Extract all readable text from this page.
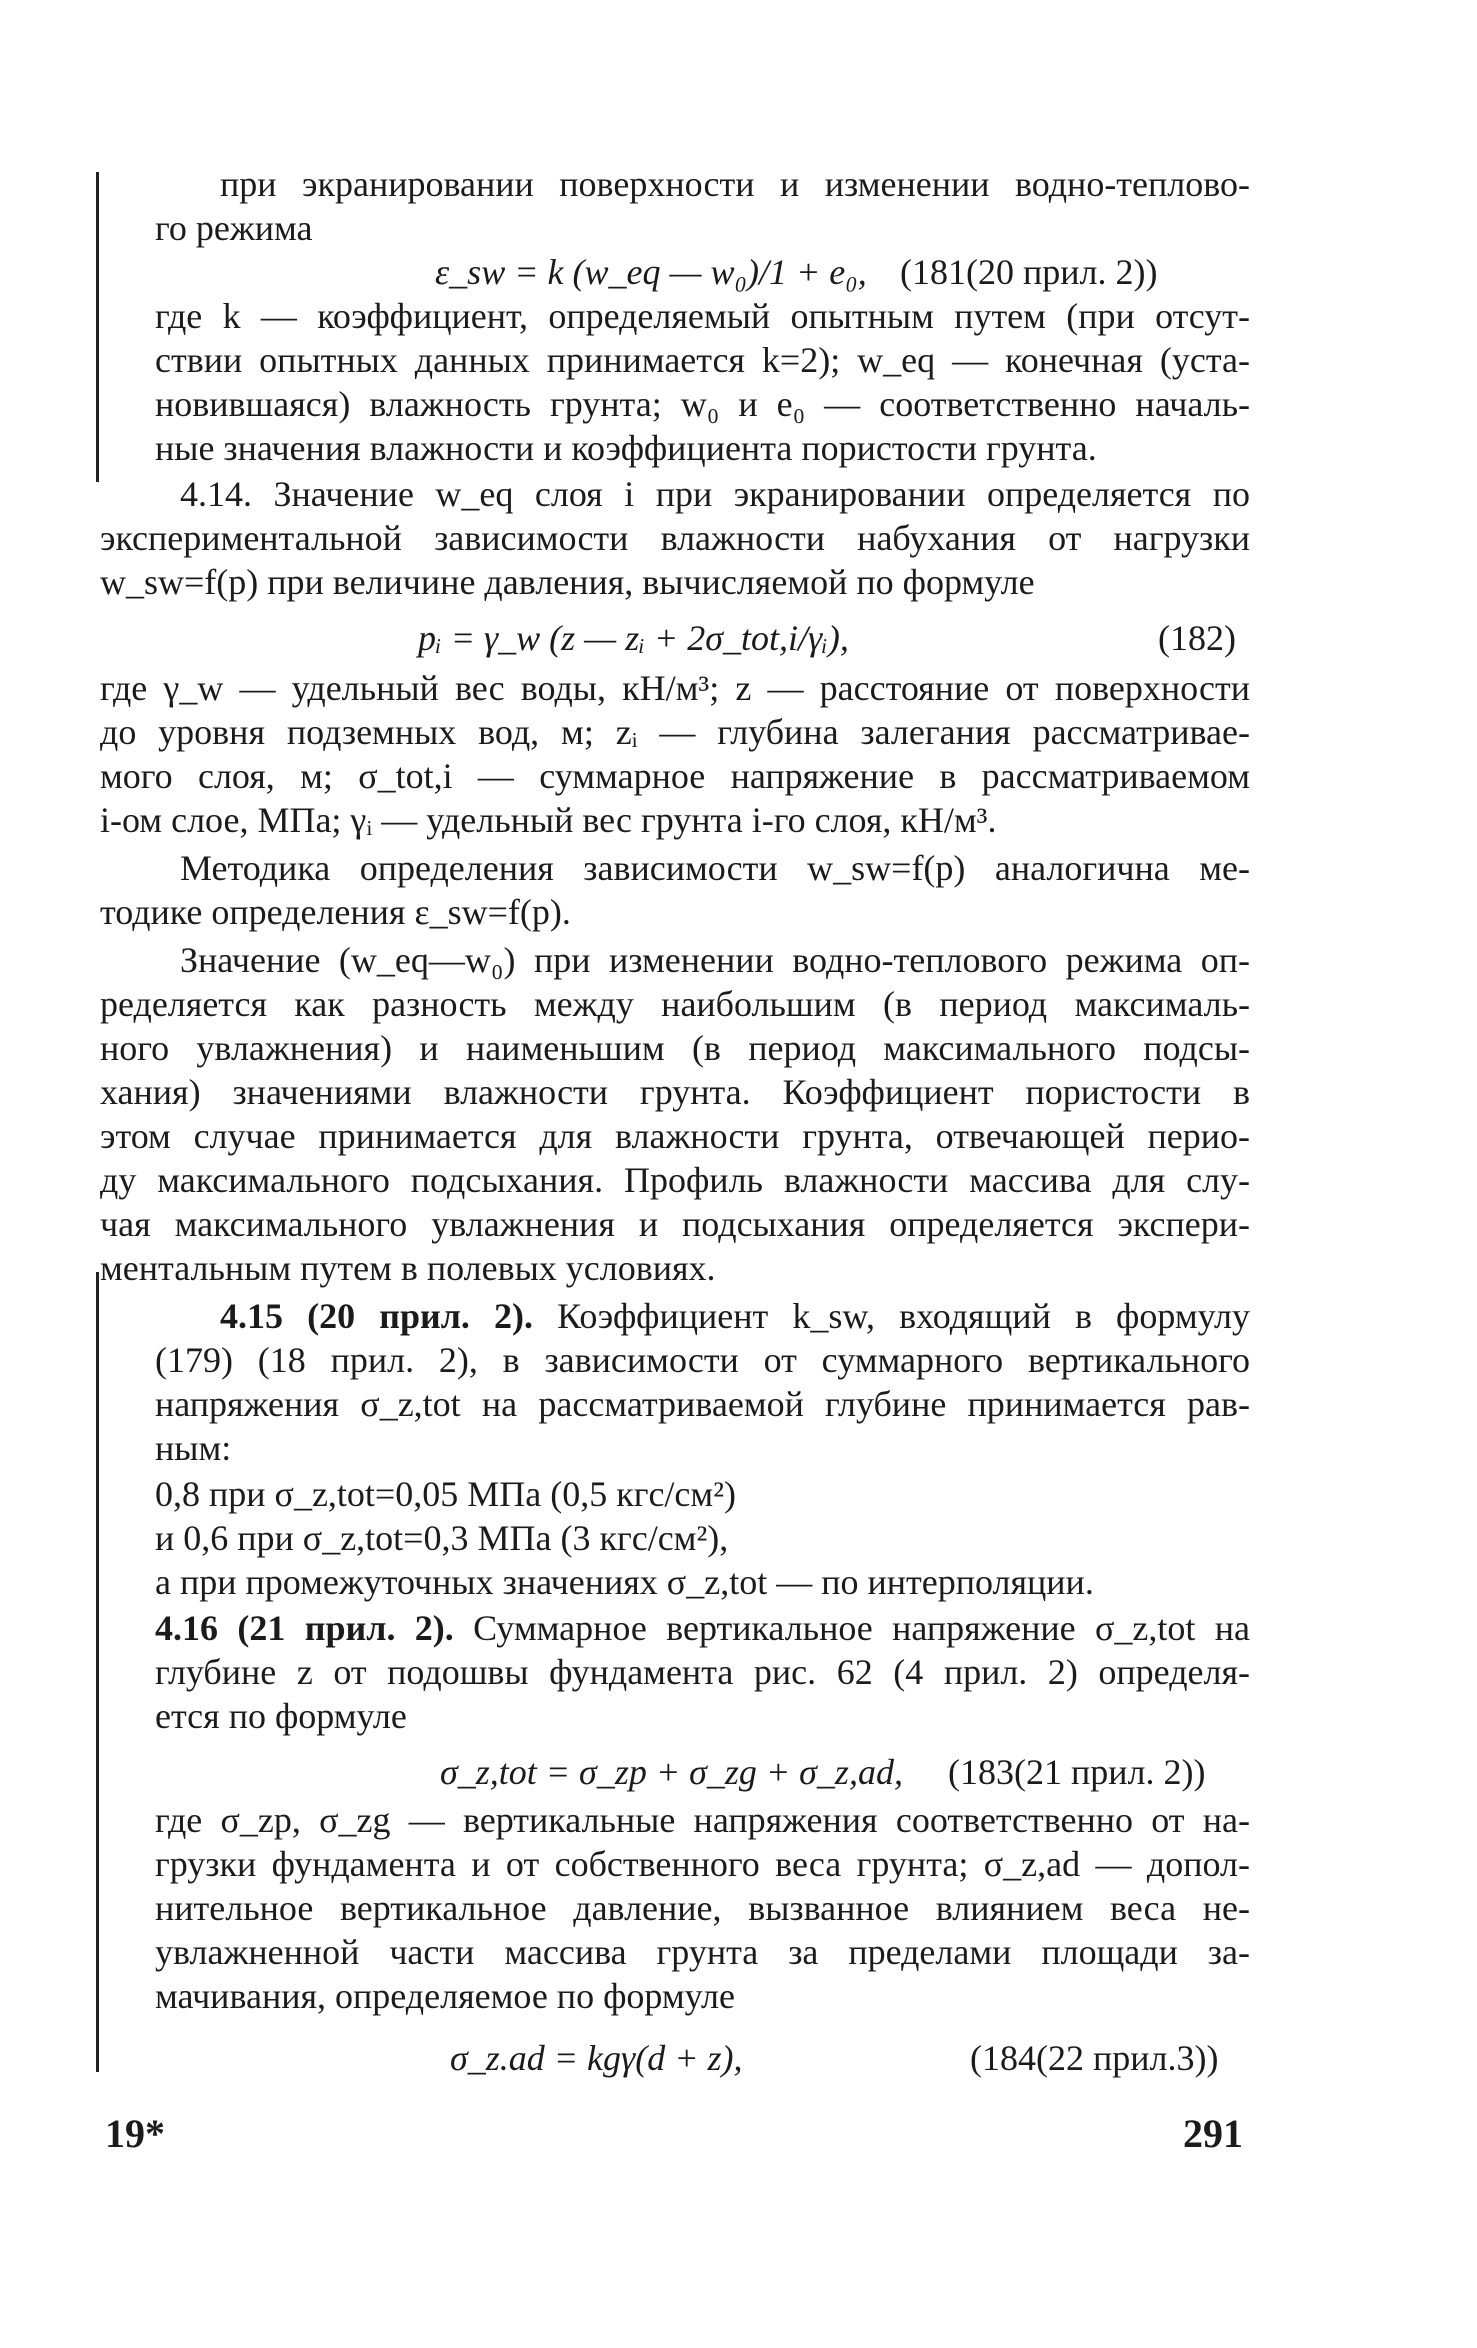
при экранировании поверхности и изменении водно-теплово-

го режима

ε_sw = k (w_eq — w₀)/1 + e₀, (181(20 прил. 2))

где k — коэффициент, определяемый опытным путем (при отсут-

ствии опытных данных принимается k=2); w_eq — конечная (уста-

новившаяся) влажность грунта; w₀ и e₀ — соответственно началь-

ные значения влажности и коэффициента пористости грунта.

4.14. Значение w_eq слоя i при экранировании определяется по

экспериментальной зависимости влажности набухания от нагрузки

w_sw=f(p) при величине давления, вычисляемой по формуле

pᵢ = γ_w (z — zᵢ + 2σ_tot,i/γᵢ),	(182)

где γ_w — удельный вес воды, кН/м³; z — расстояние от поверхности

до уровня подземных вод, м; zᵢ — глубина залегания рассматривае-

мого слоя, м; σ_tot,i — суммарное напряжение в рассматриваемом

i-ом слое, МПа; γᵢ — удельный вес грунта i-го слоя, кН/м³.

Методика определения зависимости w_sw=f(p) аналогична ме-

тодике определения ε_sw=f(p).

Значение (w_eq—w₀) при изменении водно-теплового режима оп-

ределяется как разность между наибольшим (в период максималь-

ного увлажнения) и наименьшим (в период максимального подсы-

хания) значениями влажности грунта. Коэффициент пористости в

этом случае принимается для влажности грунта, отвечающей перио-

ду максимального подсыхания. Профиль влажности массива для слу-

чая максимального увлажнения и подсыхания определяется экспери-

ментальным путем в полевых условиях.

4.15 (20 прил. 2). Коэффициент k_sw, входящий в формулу

(179) (18 прил. 2), в зависимости от суммарного вертикального

напряжения σ_z,tot на рассматриваемой глубине принимается рав-

ным:

0,8 при σ_z,tot=0,05 МПа (0,5 кгс/см²)

и 0,6 при σ_z,tot=0,3 МПа (3 кгс/см²),

а при промежуточных значениях σ_z,tot — по интерполяции.

4.16 (21 прил. 2). Суммарное вертикальное напряжение σ_z,tot на

глубине z от подошвы фундамента рис. 62 (4 прил. 2) определя-

ется по формуле

σ_z,tot = σ_zp + σ_zg + σ_z,ad, (183(21 прил. 2))

где σ_zp, σ_zg — вертикальные напряжения соответственно от на-

грузки фундамента и от собственного веса грунта; σ_z,ad — допол-

нительное вертикальное давление, вызванное влиянием веса не-

увлажненной части массива грунта за пределами площади за-

мачивания, определяемое по формуле

σ_z.ad = kgγ(d + z),	(184(22 прил.3))
19*	291
